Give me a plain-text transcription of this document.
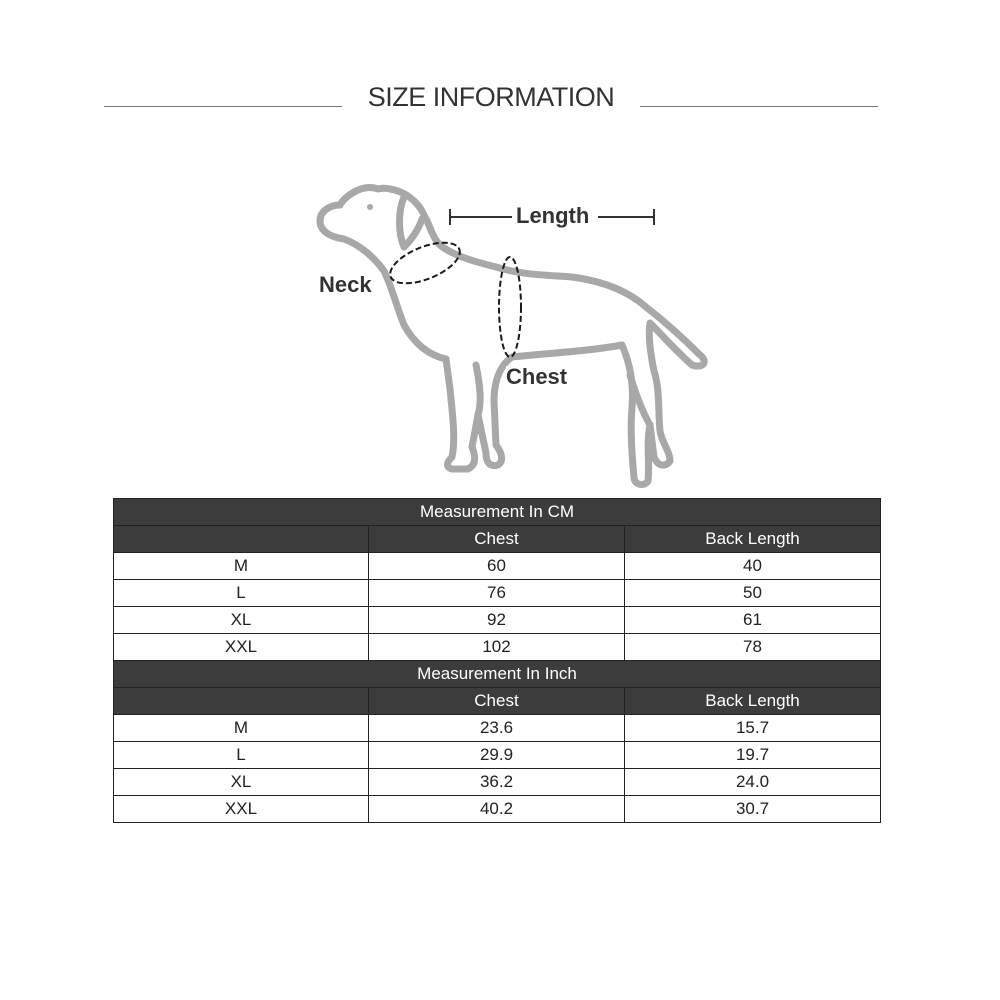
SIZE INFORMATION
Length
Neck
Chest
Measurement In CM		
	Chest	Back Length
M	60	40
L	76	50
XL	92	61
XXL	102	78
Measurement In Inch		
	Chest	Back Length
M	23.6	15.7
L	29.9	19.7
XL	36.2	24.0
XXL	40.2	30.7
